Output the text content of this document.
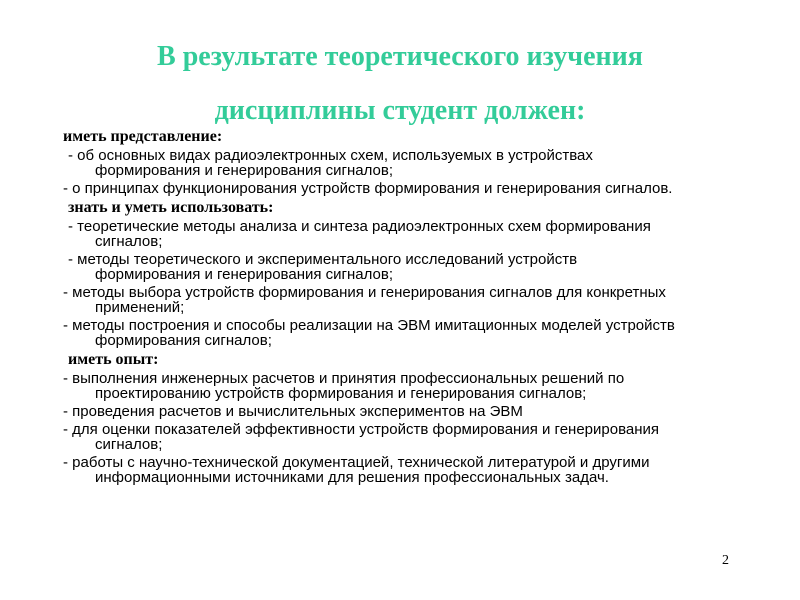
В результате теоретического изучения
дисциплины студент должен:
иметь представление:
- об основных видах радиоэлектронных схем, используемых в устройствах
формирования и генерирования сигналов;
- о принципах функционирования устройств формирования и генерирования сигналов.
знать и уметь использовать:
- теоретические методы анализа и синтеза радиоэлектронных схем формирования
сигналов;
- методы теоретического и экспериментального исследований устройств
формирования и генерирования сигналов;
- методы выбора устройств формирования и генерирования сигналов для конкретных
применений;
- методы построения и способы реализации на ЭВМ имитационных моделей устройств
формирования сигналов;
иметь опыт:
- выполнения инженерных расчетов и принятия профессиональных решений по
проектированию устройств формирования и генерирования сигналов;
- проведения расчетов и вычислительных экспериментов на ЭВМ
- для оценки показателей эффективности устройств формирования и генерирования
сигналов;
- работы с научно-технической документацией, технической литературой и другими
информационными источниками для решения профессиональных задач.
2
